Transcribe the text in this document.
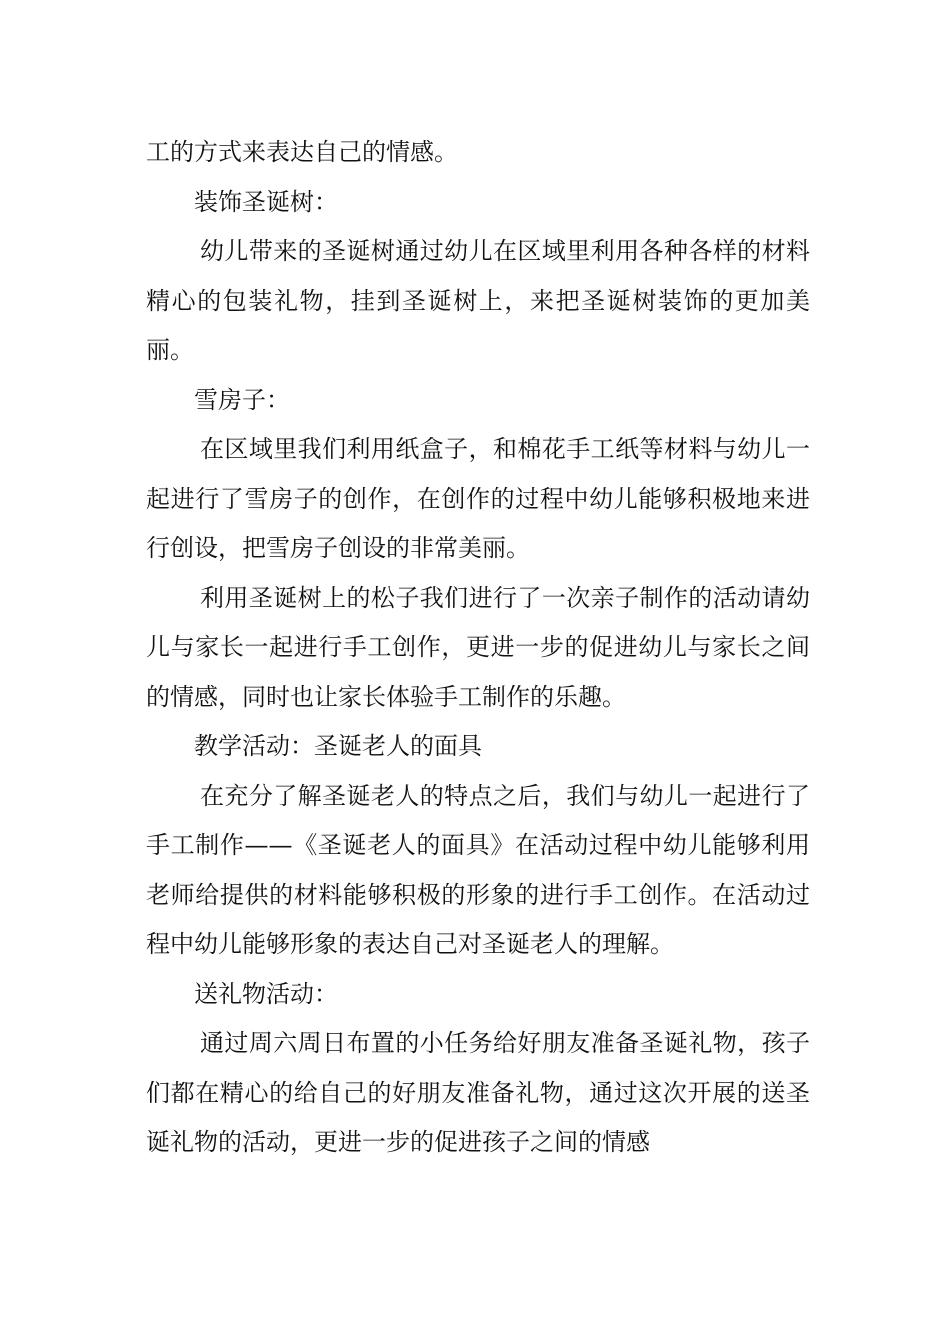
工的方式来表达自己的情感。

装饰圣诞树：

幼儿带来的圣诞树通过幼儿在区域里利用各种各样的材料精心的包装礼物，挂到圣诞树上，来把圣诞树装饰的更加美丽。

雪房子：

在区域里我们利用纸盒子，和棉花手工纸等材料与幼儿一起进行了雪房子的创作，在创作的过程中幼儿能够积极地来进行创设，把雪房子创设的非常美丽。

利用圣诞树上的松子我们进行了一次亲子制作的活动请幼儿与家长一起进行手工创作，更进一步的促进幼儿与家长之间的情感，同时也让家长体验手工制作的乐趣。

教学活动：圣诞老人的面具

在充分了解圣诞老人的特点之后，我们与幼儿一起进行了手工制作——《圣诞老人的面具》在活动过程中幼儿能够利用老师给提供的材料能够积极的形象的进行手工创作。在活动过程中幼儿能够形象的表达自己对圣诞老人的理解。

送礼物活动：

通过周六周日布置的小任务给好朋友准备圣诞礼物，孩子们都在精心的给自己的好朋友准备礼物，通过这次开展的送圣诞礼物的活动，更进一步的促进孩子之间的情感
